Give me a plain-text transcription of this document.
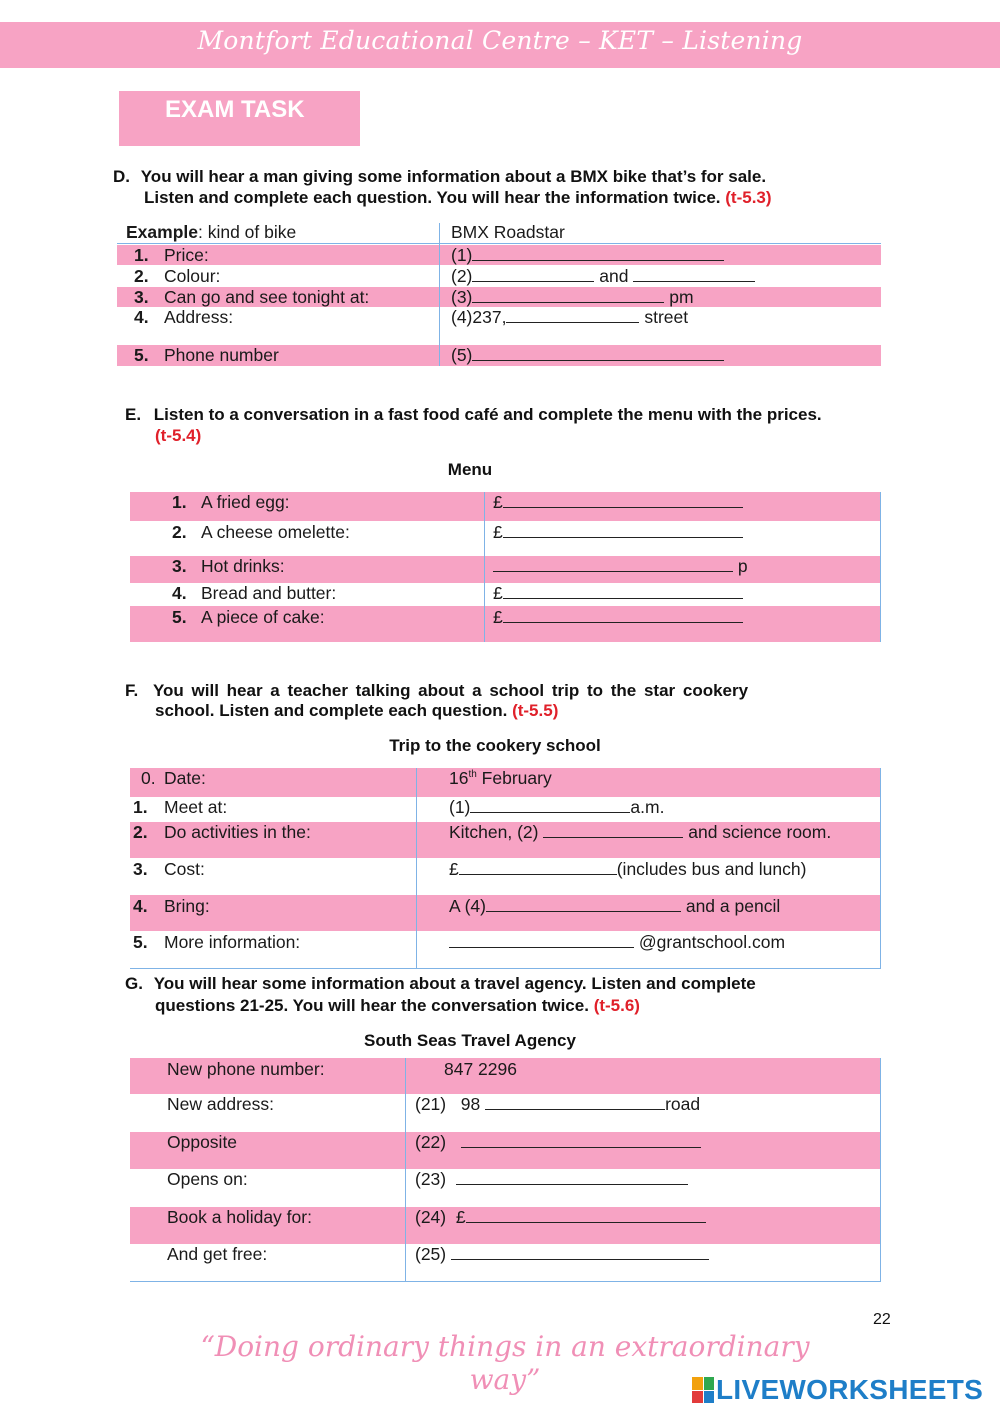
Montfort Educational Centre – KET – Listening
EXAM TASK
D. You will hear a man giving some information about a BMX bike that’s for sale.
Listen and complete each question. You will hear the information twice. (t-5.3)
Example: kind of bike	BMX Roadstar
1. Price:	(1)
2. Colour:	(2)	and
3. Can go and see tonight at:	(3)	pm
4. Address:	(4)237,	street
5. Phone number	(5)
E. Listen to a conversation in a fast food café and complete the menu with the prices.
(t-5.4)
Menu
1. A fried egg:	£
2. A cheese omelette:	£
3. Hot drinks:	p
4. Bread and butter:	£
5. A piece of cake:	£
F. You will hear a teacher talking about a school trip to the star cookery
school. Listen and complete each question. (t-5.5)
Trip to the cookery school
0. Date:	16th February
1. Meet at:	(1)	a.m.
2. Do activities in the:	Kitchen, (2)	and science room.
3. Cost:	£	(includes bus and lunch)
4. Bring:	A (4)	and a pencil
5. More information:	@grantschool.com
G. You will hear some information about a travel agency. Listen and complete
questions 21-25. You will hear the conversation twice. (t-5.6)
South Seas Travel Agency
New phone number:	847 2296
New address:	(21)   98	road
Opposite	(22)
Opens on:	(23)
Book a holiday for:	(24)  £
And get free:	(25)
22
“Doing ordinary things in an extraordinary way”	LIVEWORKSHEETS
